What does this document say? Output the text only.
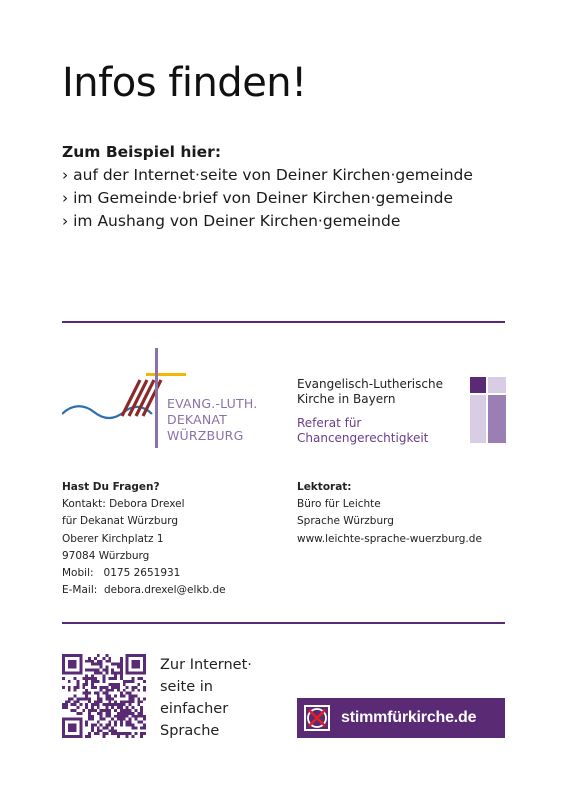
Infos finden!
Zum Beispiel hier:
› auf der Internet·seite von Deiner Kirchen·gemeinde
› im Gemeinde·brief von Deiner Kirchen·gemeinde
› im Aushang von Deiner Kirchen·gemeinde
EVANG.-LUTH.
DEKANAT
WÜRZBURG
Evangelisch-Lutherische
Kirche in Bayern
Referat für
Chancengerechtigkeit
Hast Du Fragen?
Kontakt: Debora Drexel
für Dekanat Würzburg
Oberer Kirchplatz 1
97084 Würzburg
Mobil:   0175 2651931
E-Mail:  debora.drexel@elkb.de
Lektorat:
Büro für Leichte
Sprache Würzburg
www.leichte-sprache-wuerzburg.de
Zur Internet·
seite in
einfacher
Sprache
stimmfürkirche.de
